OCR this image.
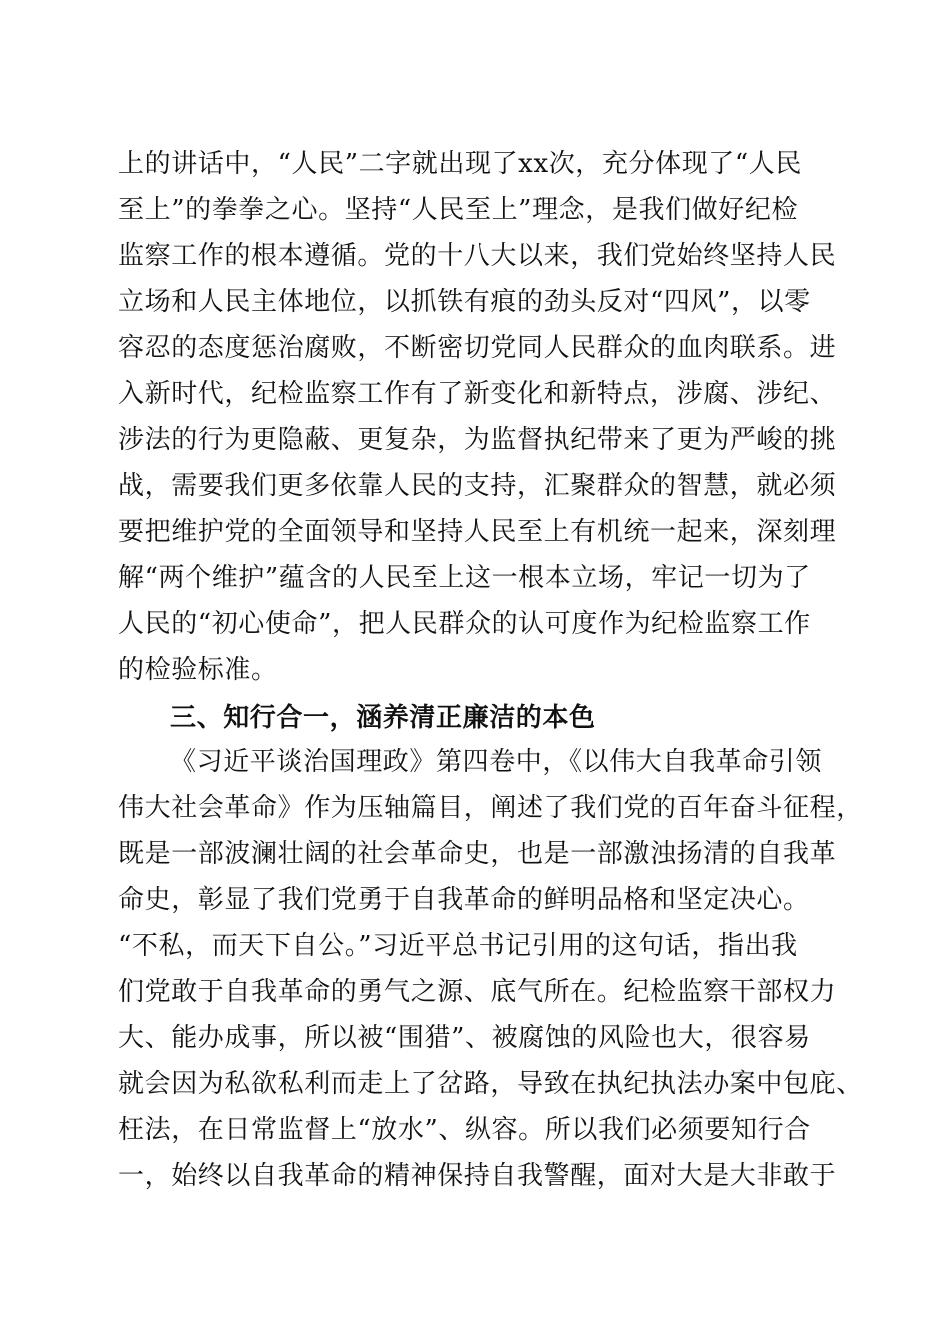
上的讲话中，“人民”二字就出现了xx次，充分体现了“人民
至上”的拳拳之心。坚持“人民至上”理念，是我们做好纪检
监察工作的根本遵循。党的十八大以来，我们党始终坚持人民
立场和人民主体地位，以抓铁有痕的劲头反对“四风”，以零
容忍的态度惩治腐败，不断密切党同人民群众的血肉联系。进
入新时代，纪检监察工作有了新变化和新特点，涉腐、涉纪、
涉法的行为更隐蔽、更复杂，为监督执纪带来了更为严峻的挑
战，需要我们更多依靠人民的支持，汇聚群众的智慧，就必须
要把维护党的全面领导和坚持人民至上有机统一起来，深刻理
解“两个维护”蕴含的人民至上这一根本立场，牢记一切为了
人民的“初心使命”，把人民群众的认可度作为纪检监察工作
的检验标准。
三、知行合一，涵养清正廉洁的本色
《习近平谈治国理政》第四卷中，《以伟大自我革命引领
伟大社会革命》作为压轴篇目，阐述了我们党的百年奋斗征程，
既是一部波澜壮阔的社会革命史，也是一部激浊扬清的自我革
命史，彰显了我们党勇于自我革命的鲜明品格和坚定决心。
“不私，而天下自公。”习近平总书记引用的这句话，指出我
们党敢于自我革命的勇气之源、底气所在。纪检监察干部权力
大、能办成事，所以被“围猎”、被腐蚀的风险也大，很容易
就会因为私欲私利而走上了岔路，导致在执纪执法办案中包庇、
枉法，在日常监督上“放水”、纵容。所以我们必须要知行合
一，始终以自我革命的精神保持自我警醒，面对大是大非敢于
